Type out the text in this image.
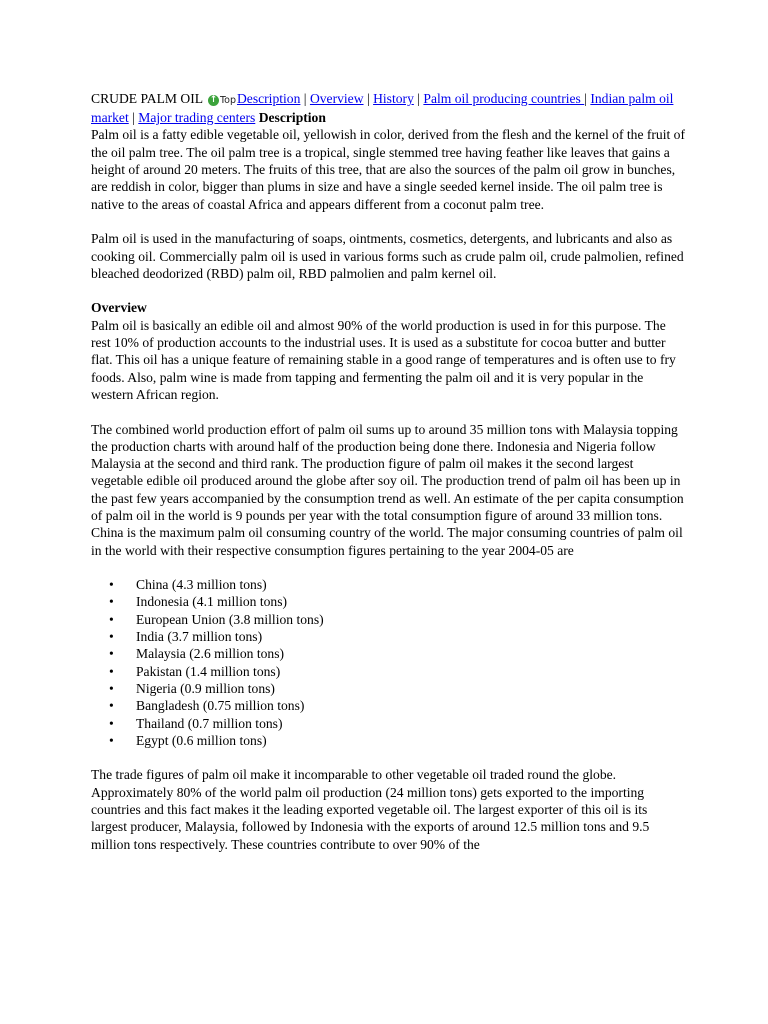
CRUDE PALM OIL ↑ Top Description | Overview | History | Palm oil producing countries | Indian palm oil market | Major trading centers Description

Palm oil is a fatty edible vegetable oil, yellowish in color, derived from the flesh and the kernel of the fruit of the oil palm tree. The oil palm tree is a tropical, single stemmed tree having feather like leaves that gains a height of around 20 meters. The fruits of this tree, that are also the sources of the palm oil grow in bunches, are reddish in color, bigger than plums in size and have a single seeded kernel inside. The oil palm tree is native to the areas of coastal Africa and appears different from a coconut palm tree.

Palm oil is used in the manufacturing of soaps, ointments, cosmetics, detergents, and lubricants and also as cooking oil. Commercially palm oil is used in various forms such as crude palm oil, crude palmolien, refined bleached deodorized (RBD) palm oil, RBD palmolien and palm kernel oil.

Overview

Palm oil is basically an edible oil and almost 90% of the world production is used in for this purpose. The rest 10% of production accounts to the industrial uses. It is used as a substitute for cocoa butter and butter flat. This oil has a unique feature of remaining stable in a good range of temperatures and is often use to fry foods. Also, palm wine is made from tapping and fermenting the palm oil and it is very popular in the western African region.

The combined world production effort of palm oil sums up to around 35 million tons with Malaysia topping the production charts with around half of the production being done there. Indonesia and Nigeria follow Malaysia at the second and third rank. The production figure of palm oil makes it the second largest vegetable edible oil produced around the globe after soy oil. The production trend of palm oil has been up in the past few years accompanied by the consumption trend as well. An estimate of the per capita consumption of palm oil in the world is 9 pounds per year with the total consumption figure of around 33 million tons. China is the maximum palm oil consuming country of the world. The major consuming countries of palm oil in the world with their respective consumption figures pertaining to the year 2004-05 are

• China (4.3 million tons)
• Indonesia (4.1 million tons)
• European Union (3.8 million tons)
• India (3.7 million tons)
• Malaysia (2.6 million tons)
• Pakistan (1.4 million tons)
• Nigeria (0.9 million tons)
• Bangladesh (0.75 million tons)
• Thailand (0.7 million tons)
• Egypt (0.6 million tons)

The trade figures of palm oil make it incomparable to other vegetable oil traded round the globe. Approximately 80% of the world palm oil production (24 million tons) gets exported to the importing countries and this fact makes it the leading exported vegetable oil. The largest exporter of this oil is its largest producer, Malaysia, followed by Indonesia with the exports of around 12.5 million tons and 9.5 million tons respectively. These countries contribute to over 90% of the
